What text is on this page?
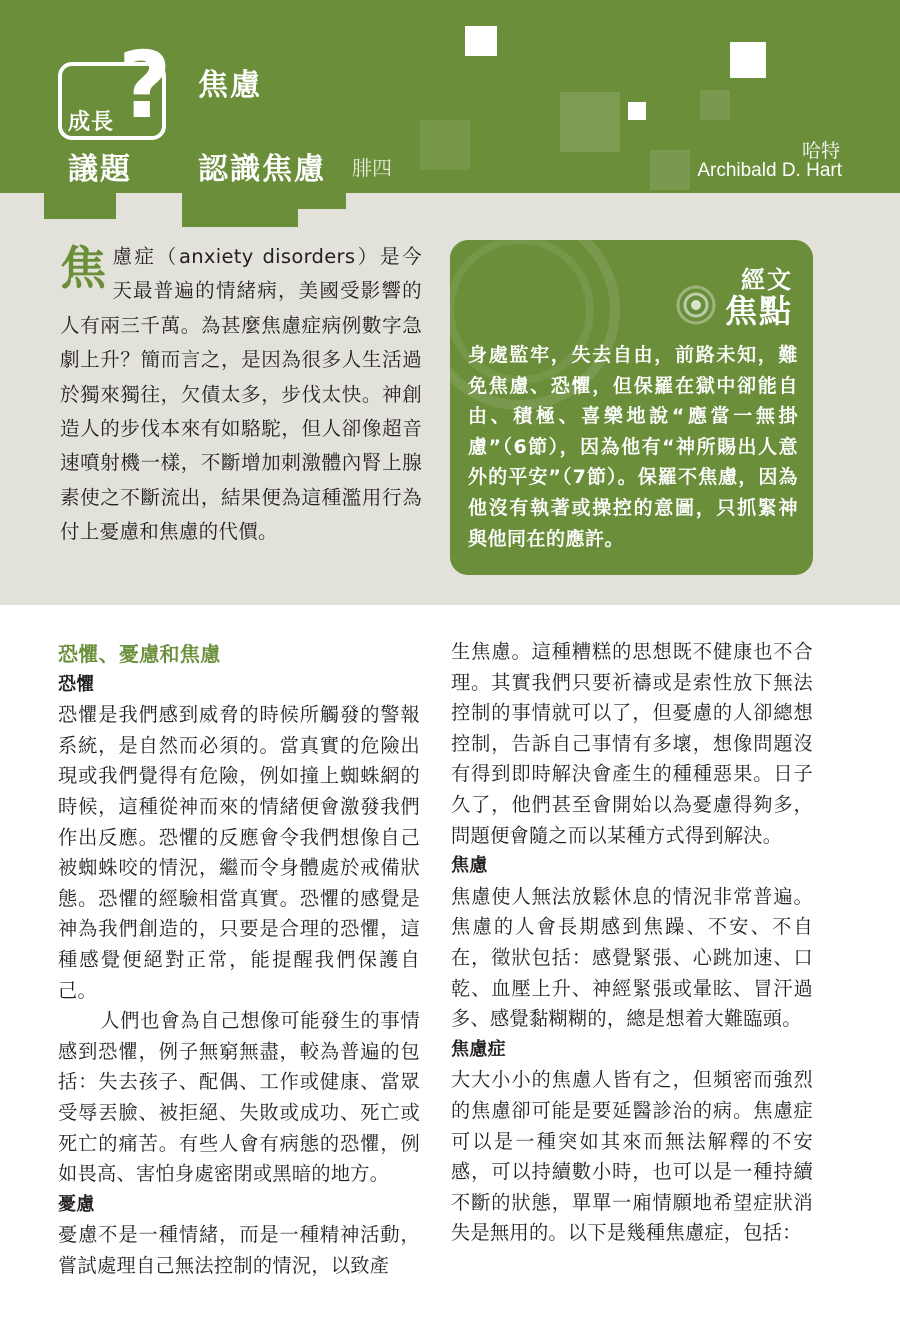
成長 ?
議題
焦慮
認識焦慮 腓四
哈特
Archibald D. Hart
焦慮症（anxiety disorders）是今天最普遍的情緒病，美國受影響的人有兩三千萬。為甚麼焦慮症病例數字急劇上升？簡而言之，是因為很多人生活過於獨來獨往，欠債太多，步伐太快。神創造人的步伐本來有如駱駝，但人卻像超音速噴射機一樣，不斷增加刺激體內腎上腺素使之不斷流出，結果便為這種濫用行為付上憂慮和焦慮的代價。
經文
焦點
身處監牢，失去自由，前路未知，難免焦慮、恐懼，但保羅在獄中卻能自由、積極、喜樂地說“應當一無掛慮”（6節），因為他有“神所賜出人意外的平安”（7節）。保羅不焦慮，因為他沒有執著或操控的意圖，只抓緊神與他同在的應許。
恐懼、憂慮和焦慮
恐懼

恐懼是我們感到威脅的時候所觸發的警報系統，是自然而必須的。當真實的危險出現或我們覺得有危險，例如撞上蜘蛛網的時候，這種從神而來的情緒便會激發我們作出反應。恐懼的反應會令我們想像自己被蜘蛛咬的情況，繼而令身體處於戒備狀態。恐懼的經驗相當真實。恐懼的感覺是神為我們創造的，只要是合理的恐懼，這種感覺便絕對正常，能提醒我們保護自己。

人們也會為自己想像可能發生的事情感到恐懼，例子無窮無盡，較為普遍的包括：失去孩子、配偶、工作或健康、當眾受辱丟臉、被拒絕、失敗或成功、死亡或死亡的痛苦。有些人會有病態的恐懼，例如畏高、害怕身處密閉或黑暗的地方。

憂慮

憂慮不是一種情緒，而是一種精神活動，嘗試處理自己無法控制的情況，以致產

生焦慮。這種糟糕的思想既不健康也不合理。其實我們只要祈禱或是索性放下無法控制的事情就可以了，但憂慮的人卻總想控制，告訴自己事情有多壞，想像問題沒有得到即時解決會產生的種種惡果。日子久了，他們甚至會開始以為憂慮得夠多，問題便會隨之而以某種方式得到解決。

焦慮

焦慮使人無法放鬆休息的情況非常普遍。焦慮的人會長期感到焦躁、不安、不自在，徵狀包括：感覺緊張、心跳加速、口乾、血壓上升、神經緊張或暈眩、冒汗過多、感覺黏糊糊的，總是想着大難臨頭。

焦慮症

大大小小的焦慮人皆有之，但頻密而強烈的焦慮卻可能是要延醫診治的病。焦慮症可以是一種突如其來而無法解釋的不安感，可以持續數小時，也可以是一種持續不斷的狀態，單單一廂情願地希望症狀消失是無用的。以下是幾種焦慮症，包括：
